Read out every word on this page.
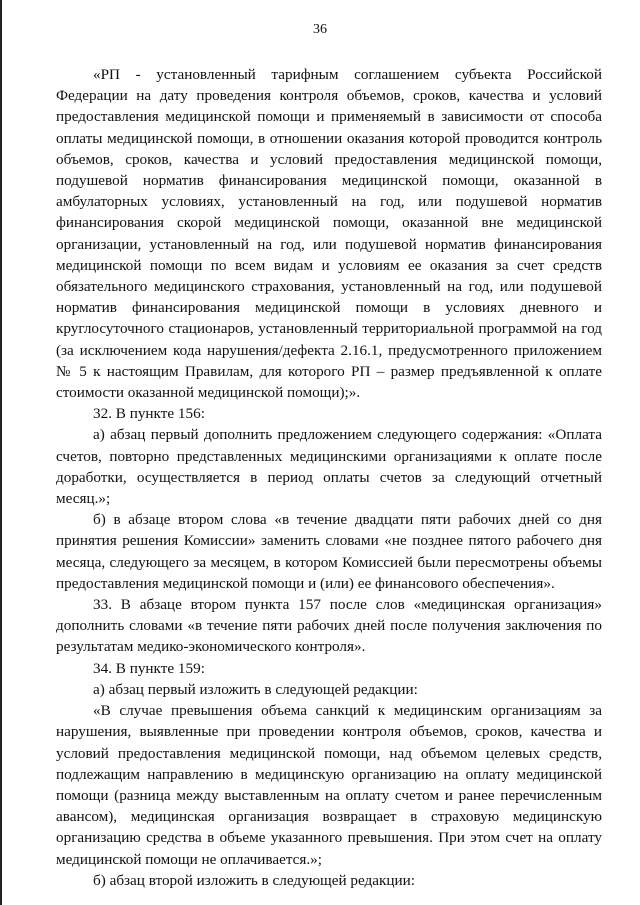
36

«РП - установленный тарифным соглашением субъекта Российской Федерации на дату проведения контроля объемов, сроков, качества и условий предоставления медицинской помощи и применяемый в зависимости от способа оплаты медицинской помощи, в отношении оказания которой проводится контроль объемов, сроков, качества и условий предоставления медицинской помощи, подушевой норматив финансирования медицинской помощи, оказанной в амбулаторных условиях, установленный на год, или подушевой норматив финансирования скорой медицинской помощи, оказанной вне медицинской организации, установленный на год, или подушевой норматив финансирования медицинской помощи по всем видам и условиям ее оказания за счет средств обязательного медицинского страхования, установленный на год, или подушевой норматив финансирования медицинской помощи в условиях дневного и круглосуточного стационаров, установленный территориальной программой на год (за исключением кода нарушения/дефекта 2.16.1, предусмотренного приложением № 5 к настоящим Правилам, для которого РП – размер предъявленной к оплате стоимости оказанной медицинской помощи);».

32. В пункте 156:

а) абзац первый дополнить предложением следующего содержания: «Оплата счетов, повторно представленных медицинскими организациями к оплате после доработки, осуществляется в период оплаты счетов за следующий отчетный месяц.»;

б) в абзаце втором слова «в течение двадцати пяти рабочих дней со дня принятия решения Комиссии» заменить словами «не позднее пятого рабочего дня месяца, следующего за месяцем, в котором Комиссией были пересмотрены объемы предоставления медицинской помощи и (или) ее финансового обеспечения».

33. В абзаце втором пункта 157 после слов «медицинская организация» дополнить словами «в течение пяти рабочих дней после получения заключения по результатам медико-экономического контроля».

34. В пункте 159:

а) абзац первый изложить в следующей редакции:

«В случае превышения объема санкций к медицинским организациям за нарушения, выявленные при проведении контроля объемов, сроков, качества и условий предоставления медицинской помощи, над объемом целевых средств, подлежащим направлению в медицинскую организацию на оплату медицинской помощи (разница между выставленным на оплату счетом и ранее перечисленным авансом), медицинская организация возвращает в страховую медицинскую организацию средства в объеме указанного превышения. При этом счет на оплату медицинской помощи не оплачивается.»;

б) абзац второй изложить в следующей редакции:
